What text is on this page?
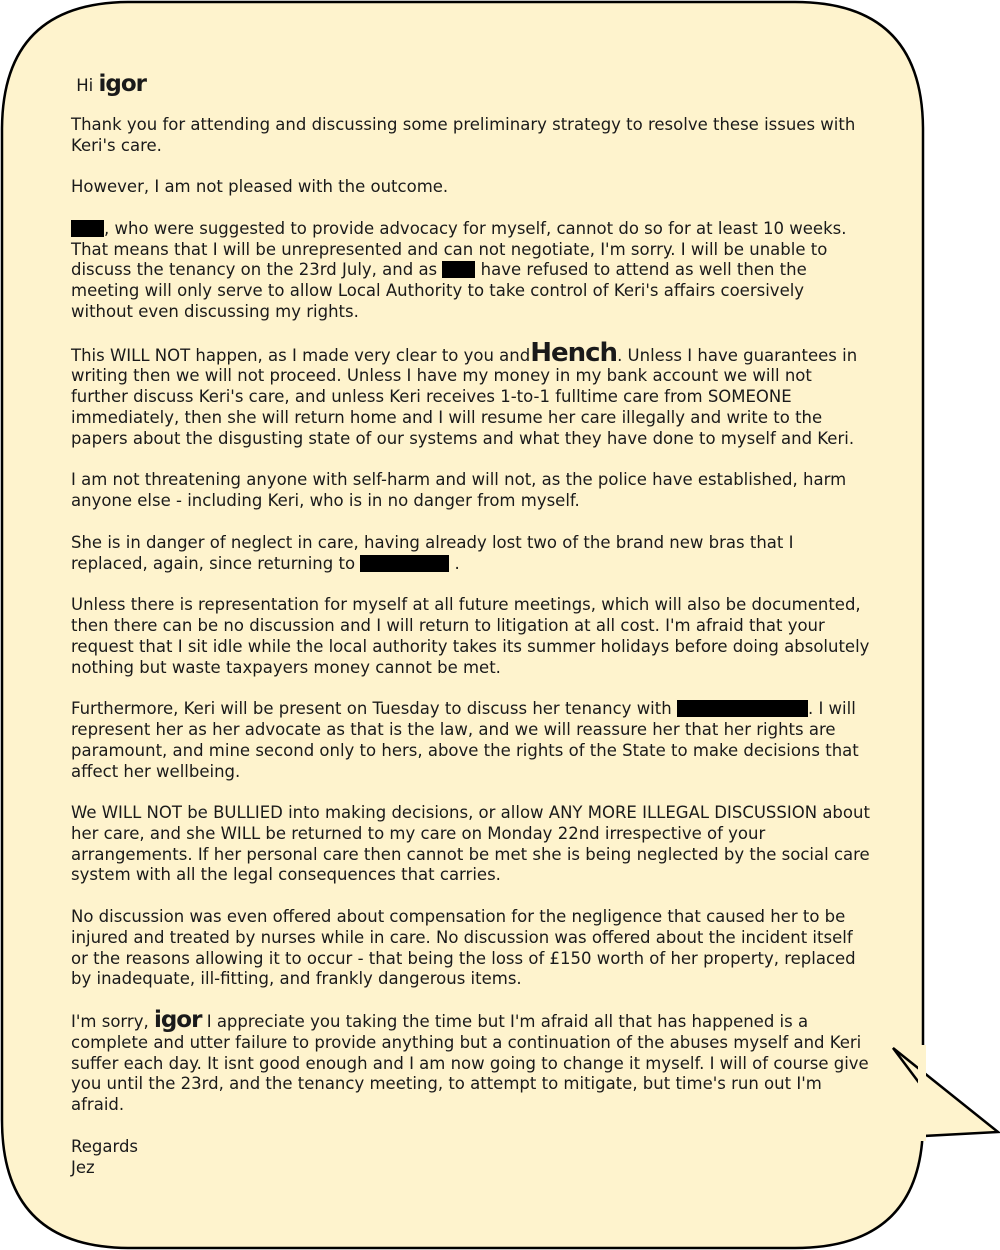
Hi igor

Thank you for attending and discussing some preliminary strategy to resolve these issues with Keri's care.

However, I am not pleased with the outcome.

, who were suggested to provide advocacy for myself, cannot do so for at least 10 weeks. That means that I will be unrepresented and can not negotiate, I'm sorry. I will be unable to discuss the tenancy on the 23rd July, and as	have refused to attend as well then the meeting will only serve to allow Local Authority to take control of Keri's affairs coersively without even discussing my rights.

This WILL NOT happen, as I made very clear to you andHench. Unless I have guarantees in writing then we will not proceed. Unless I have my money in my bank account we will not further discuss Keri's care, and unless Keri receives 1-to-1 fulltime care from SOMEONE immediately, then she will return home and I will resume her care illegally and write to the papers about the disgusting state of our systems and what they have done to myself and Keri.

I am not threatening anyone with self-harm and will not, as the police have established, harm anyone else - including Keri, who is in no danger from myself.

She is in danger of neglect in care, having already lost two of the brand new bras that I replaced, again, since returning to	.

Unless there is representation for myself at all future meetings, which will also be documented, then there can be no discussion and I will return to litigation at all cost. I'm afraid that your request that I sit idle while the local authority takes its summer holidays before doing absolutely nothing but waste taxpayers money cannot be met.

Furthermore, Keri will be present on Tuesday to discuss her tenancy with	. I will represent her as her advocate as that is the law, and we will reassure her that her rights are paramount, and mine second only to hers, above the rights of the State to make decisions that affect her wellbeing.

We WILL NOT be BULLIED into making decisions, or allow ANY MORE ILLEGAL DISCUSSION about her care, and she WILL be returned to my care on Monday 22nd irrespective of your arrangements. If her personal care then cannot be met she is being neglected by the social care system with all the legal consequences that carries.

No discussion was even offered about compensation for the negligence that caused her to be injured and treated by nurses while in care. No discussion was offered about the incident itself or the reasons allowing it to occur - that being the loss of £150 worth of her property, replaced by inadequate, ill-fitting, and frankly dangerous items.

I'm sorry, igor I appreciate you taking the time but I'm afraid all that has happened is a complete and utter failure to provide anything but a continuation of the abuses myself and Keri suffer each day. It isnt good enough and I am now going to change it myself. I will of course give you until the 23rd, and the tenancy meeting, to attempt to mitigate, but time's run out I'm afraid.

Regards
Jez
